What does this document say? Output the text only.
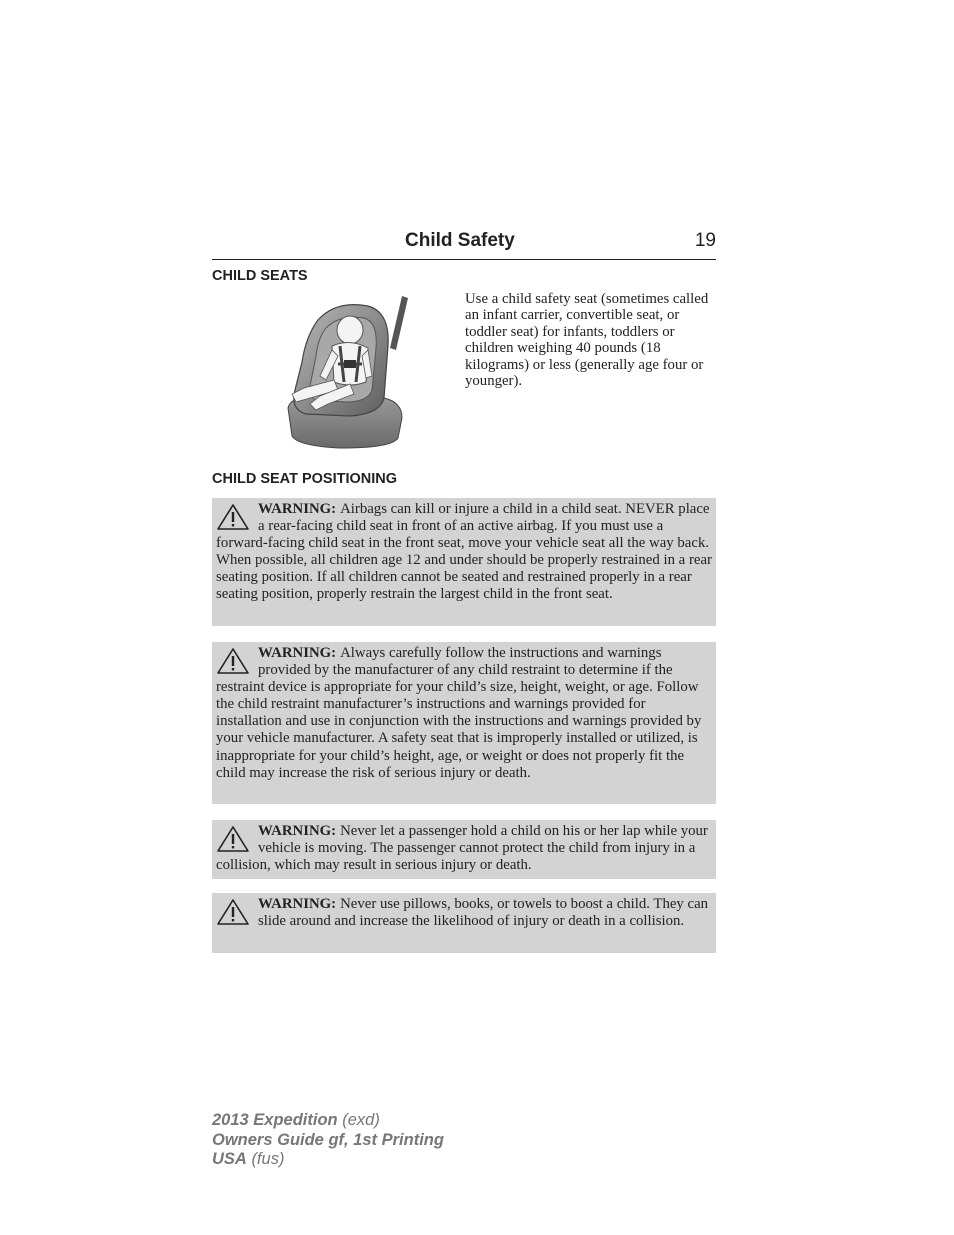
Child Safety	19
CHILD SEATS
Use a child safety seat (sometimes called an infant carrier, convertible seat, or toddler seat) for infants, toddlers or children weighing 40 pounds (18 kilograms) or less (generally age four or younger).
CHILD SEAT POSITIONING
WARNING: Airbags can kill or injure a child in a child seat. NEVER place a rear-facing child seat in front of an active airbag. If you must use a forward-facing child seat in the front seat, move your vehicle seat all the way back. When possible, all children age 12 and under should be properly restrained in a rear seating position. If all children cannot be seated and restrained properly in a rear seating position, properly restrain the largest child in the front seat.
WARNING: Always carefully follow the instructions and warnings provided by the manufacturer of any child restraint to determine if the restraint device is appropriate for your child’s size, height, weight, or age. Follow the child restraint manufacturer’s instructions and warnings provided for installation and use in conjunction with the instructions and warnings provided by your vehicle manufacturer. A safety seat that is improperly installed or utilized, is inappropriate for your child’s height, age, or weight or does not properly fit the child may increase the risk of serious injury or death.
WARNING: Never let a passenger hold a child on his or her lap while your vehicle is moving. The passenger cannot protect the child from injury in a collision, which may result in serious injury or death.
WARNING: Never use pillows, books, or towels to boost a child. They can slide around and increase the likelihood of injury or death in a collision.
2013 Expedition (exd)
Owners Guide gf, 1st Printing
USA (fus)
